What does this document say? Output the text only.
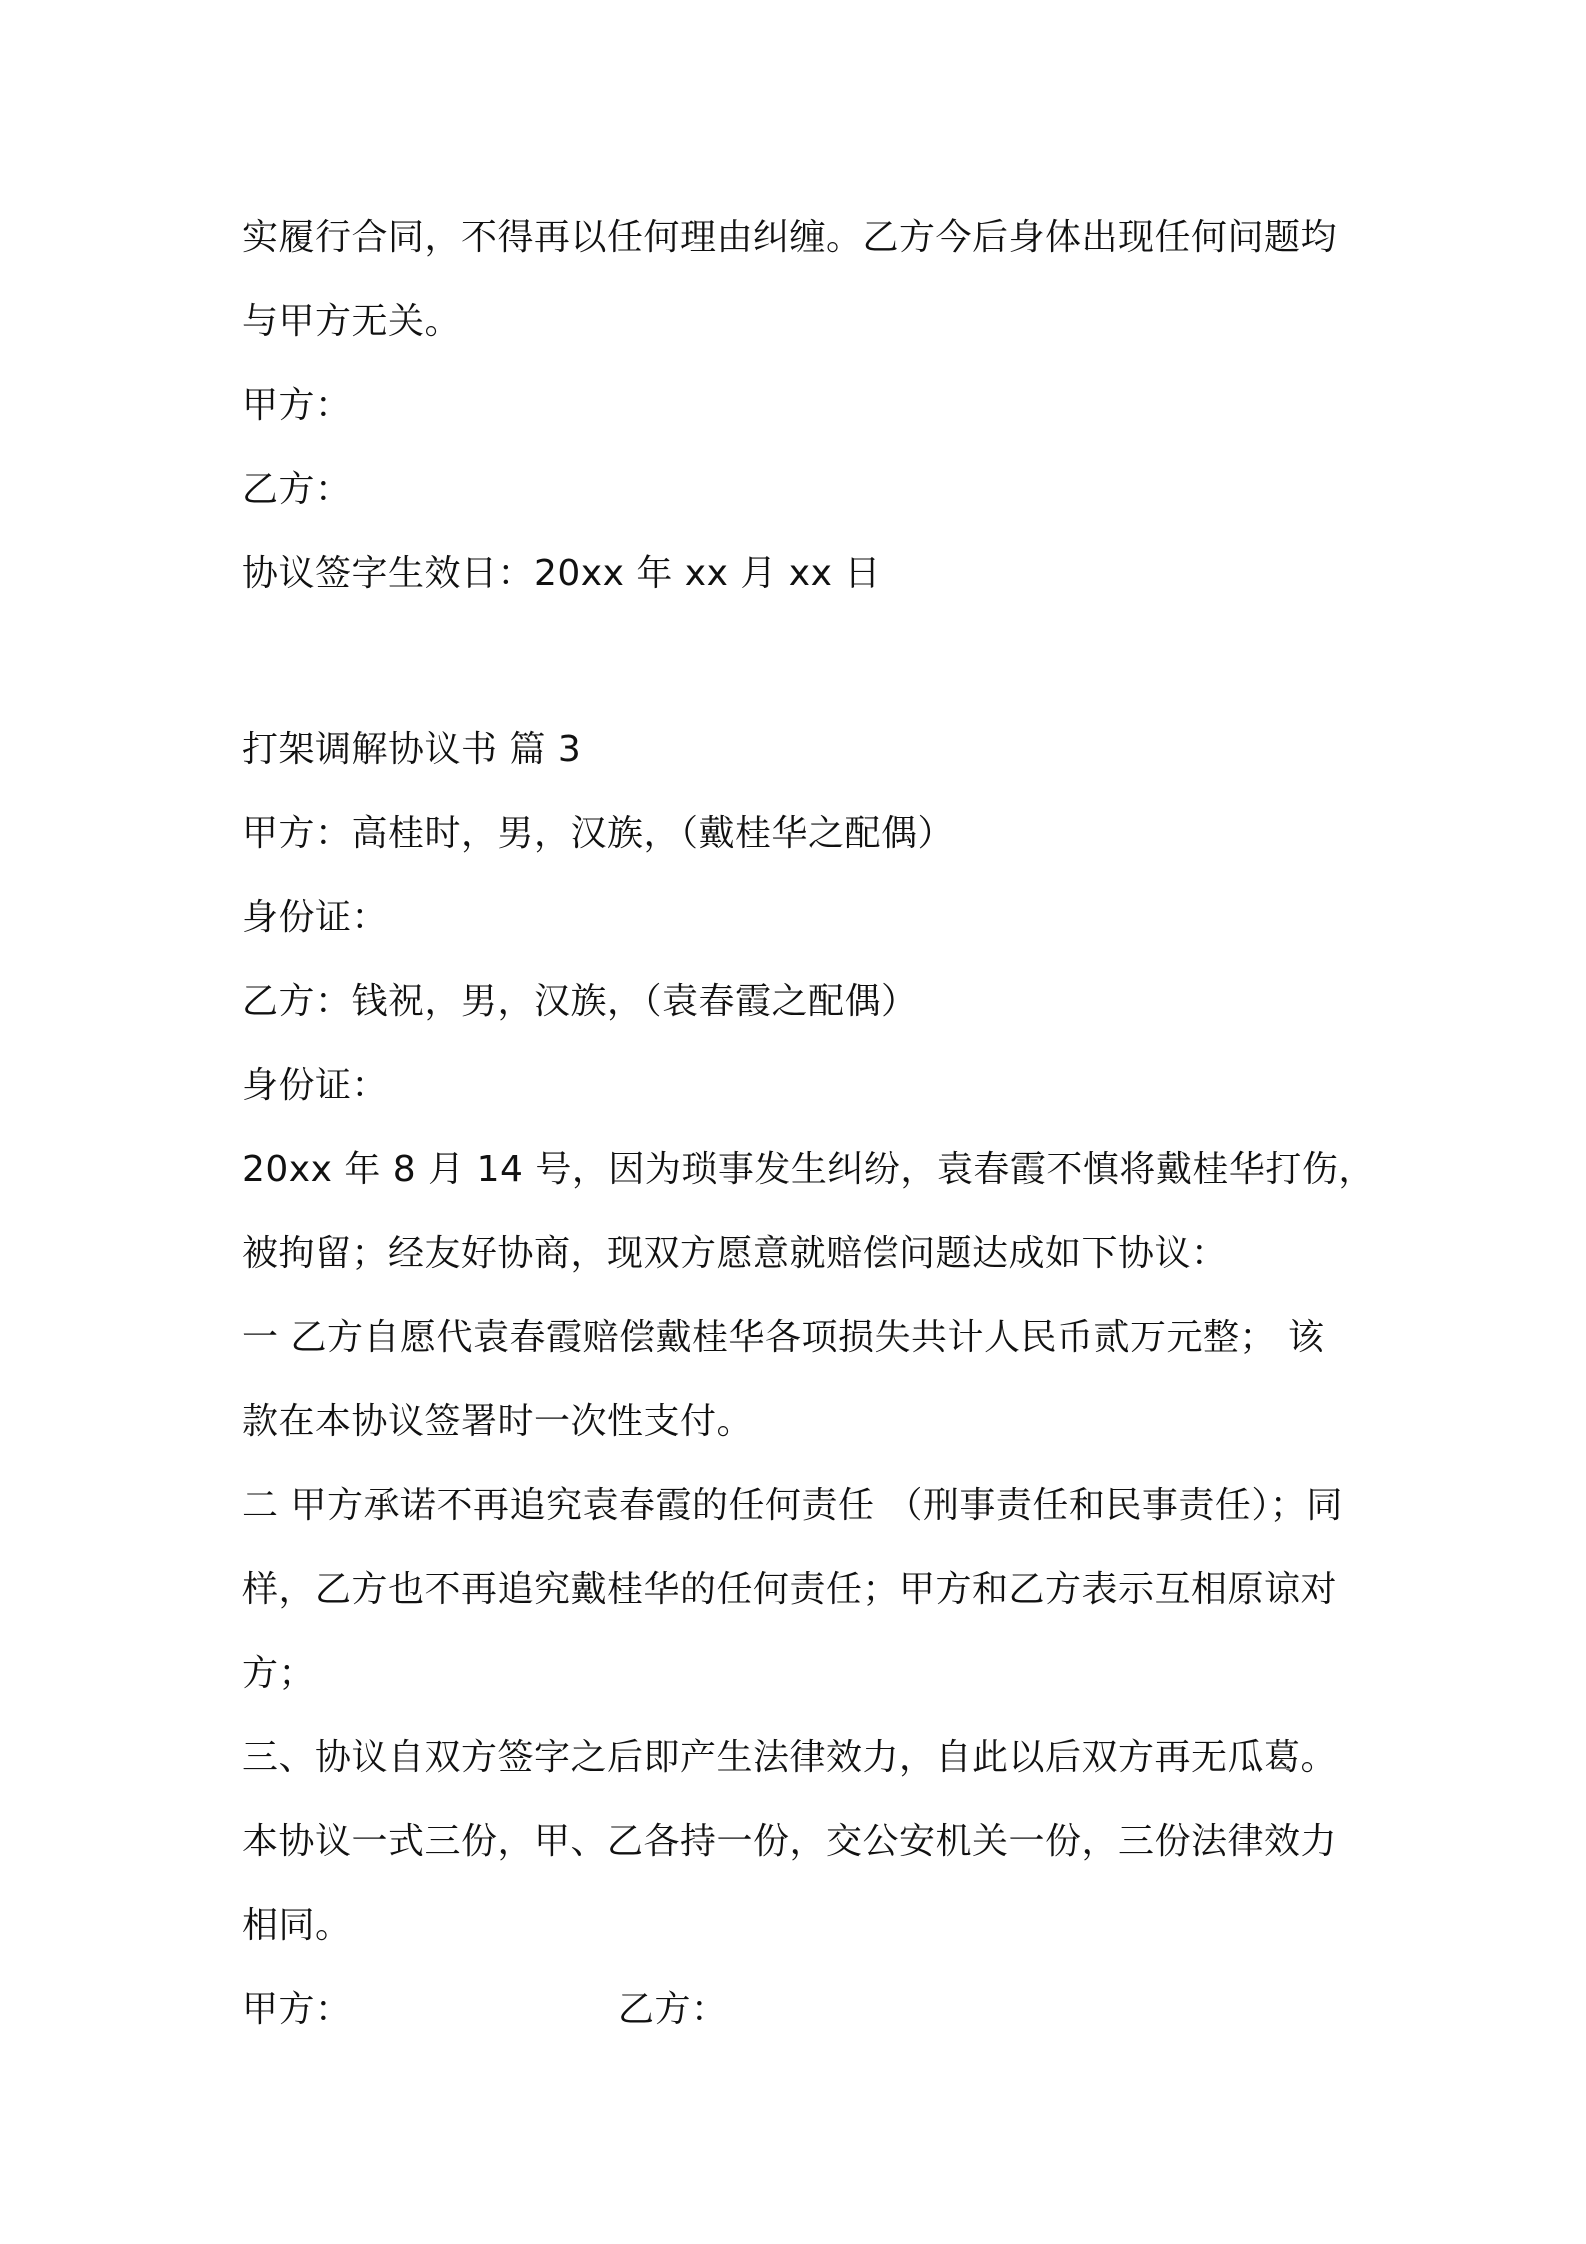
实履行合同，不得再以任何理由纠缠。乙方今后身体出现任何问题均
与甲方无关。
甲方：
乙方：
协议签字生效日：20xx 年 xx 月 xx 日
打架调解协议书 篇 3
甲方：高桂时，男，汉族，（戴桂华之配偶）
身份证：
乙方：钱祝，男，汉族，（袁春霞之配偶）
身份证：
20xx 年 8 月 14 号，因为琐事发生纠纷，袁春霞不慎将戴桂华打伤，
被拘留；经友好协商，现双方愿意就赔偿问题达成如下协议：
一 乙方自愿代袁春霞赔偿戴桂华各项损失共计人民币贰万元整； 该
款在本协议签署时一次性支付。
二 甲方承诺不再追究袁春霞的任何责任 （刑事责任和民事责任）；同
样，乙方也不再追究戴桂华的任何责任；甲方和乙方表示互相原谅对
方；
三、协议自双方签字之后即产生法律效力，自此以后双方再无瓜葛。
本协议一式三份，甲、乙各持一份，交公安机关一份，三份法律效力
相同。
甲方：	乙方：
